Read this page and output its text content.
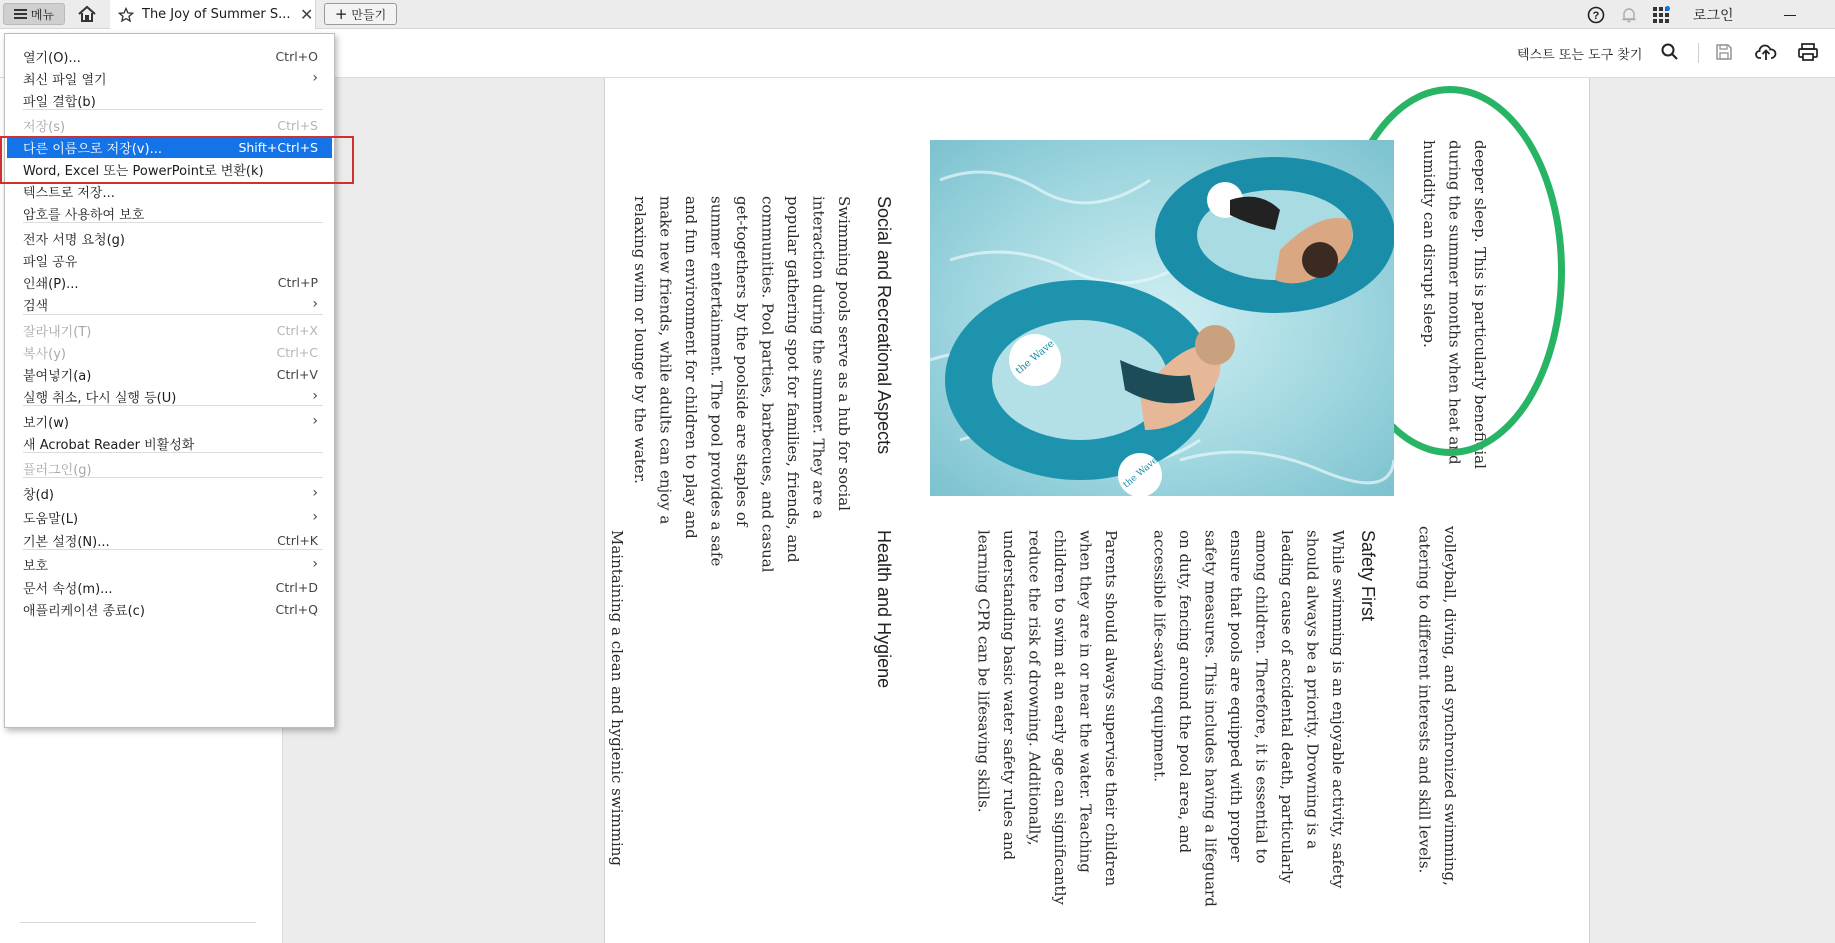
메뉴	The Joy of Summer S... ✕ + 만들기	?	로그인
텍스트 또는 도구 찾기
deeper sleep. This is particularly beneficial during the summer months when heat and humidity can disrupt sleep.
the Wave
the Wave
volleyball, diving, and synchronized swimming, catering to different interests and skill levels.
Safety First
While swimming is an enjoyable activity, safety should always be a priority. Drowning is a leading cause of accidental death, particularly among children. Therefore, it is essential to ensure that pools are equipped with proper safety measures. This includes having a lifeguard on duty, fencing around the pool area, and accessible life-saving equipment.
Parents should always supervise their children when they are in or near the water. Teaching children to swim at an early age can significantly reduce the risk of drowning. Additionally, understanding basic water safety rules and learning CPR can be lifesaving skills.
Social and Recreational Aspects
Swimming pools serve as a hub for social interaction during the summer. They are a popular gathering spot for families, friends, and communities. Pool parties, barbecues, and casual get-togethers by the poolside are staples of summer entertainment. The pool provides a safe and fun environment for children to play and make new friends, while adults can enjoy a relaxing swim or lounge by the water.
Health and Hygiene
Maintaining a clean and hygienic swimming
열기(O)...	Ctrl+O
최신 파일 열기	›
파일 결합(b)
저장(s)	Ctrl+S
다른 이름으로 저장(v)...	Shift+Ctrl+S
Word, Excel 또는 PowerPoint로 변환(k)
텍스트로 저장...
암호를 사용하여 보호
전자 서명 요청(g)
파일 공유
인쇄(P)...	Ctrl+P
검색	›
잘라내기(T)	Ctrl+X
복사(y)	Ctrl+C
붙여넣기(a)	Ctrl+V
실행 취소, 다시 실행 등(U)	›
보기(w)	›
새 Acrobat Reader 비활성화
플러그인(g)
창(d)	›
도움말(L)	›
기본 설정(N)...	Ctrl+K
보호	›
문서 속성(m)...	Ctrl+D
애플리케이션 종료(c)	Ctrl+Q
